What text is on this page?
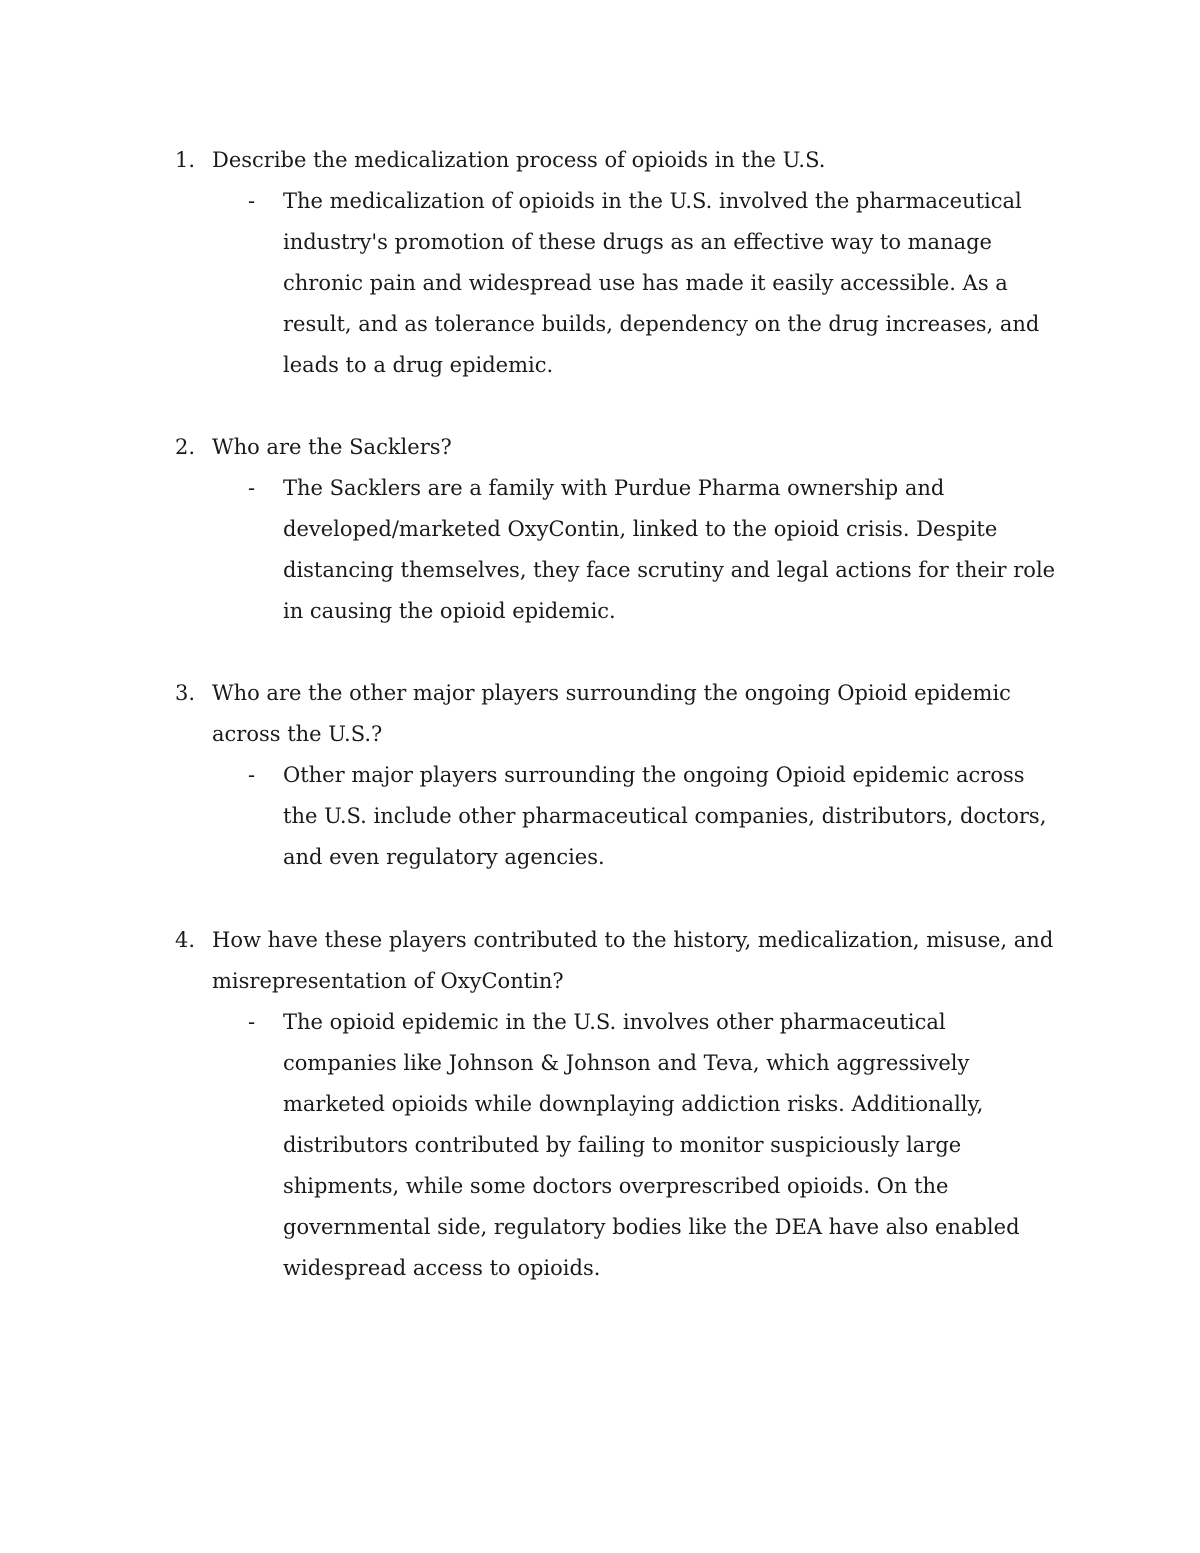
1. Describe the medicalization process of opioids in the U.S.
- The medicalization of opioids in the U.S. involved the pharmaceutical industry's promotion of these drugs as an effective way to manage chronic pain and widespread use has made it easily accessible. As a result, and as tolerance builds, dependency on the drug increases, and leads to a drug epidemic.
2. Who are the Sacklers?
- The Sacklers are a family with Purdue Pharma ownership and developed/marketed OxyContin, linked to the opioid crisis. Despite distancing themselves, they face scrutiny and legal actions for their role in causing the opioid epidemic.
3. Who are the other major players surrounding the ongoing Opioid epidemic across the U.S.?
- Other major players surrounding the ongoing Opioid epidemic across the U.S. include other pharmaceutical companies, distributors, doctors, and even regulatory agencies.
4. How have these players contributed to the history, medicalization, misuse, and misrepresentation of OxyContin?
- The opioid epidemic in the U.S. involves other pharmaceutical companies like Johnson & Johnson and Teva, which aggressively marketed opioids while downplaying addiction risks. Additionally, distributors contributed by failing to monitor suspiciously large shipments, while some doctors overprescribed opioids. On the governmental side, regulatory bodies like the DEA have also enabled widespread access to opioids.
